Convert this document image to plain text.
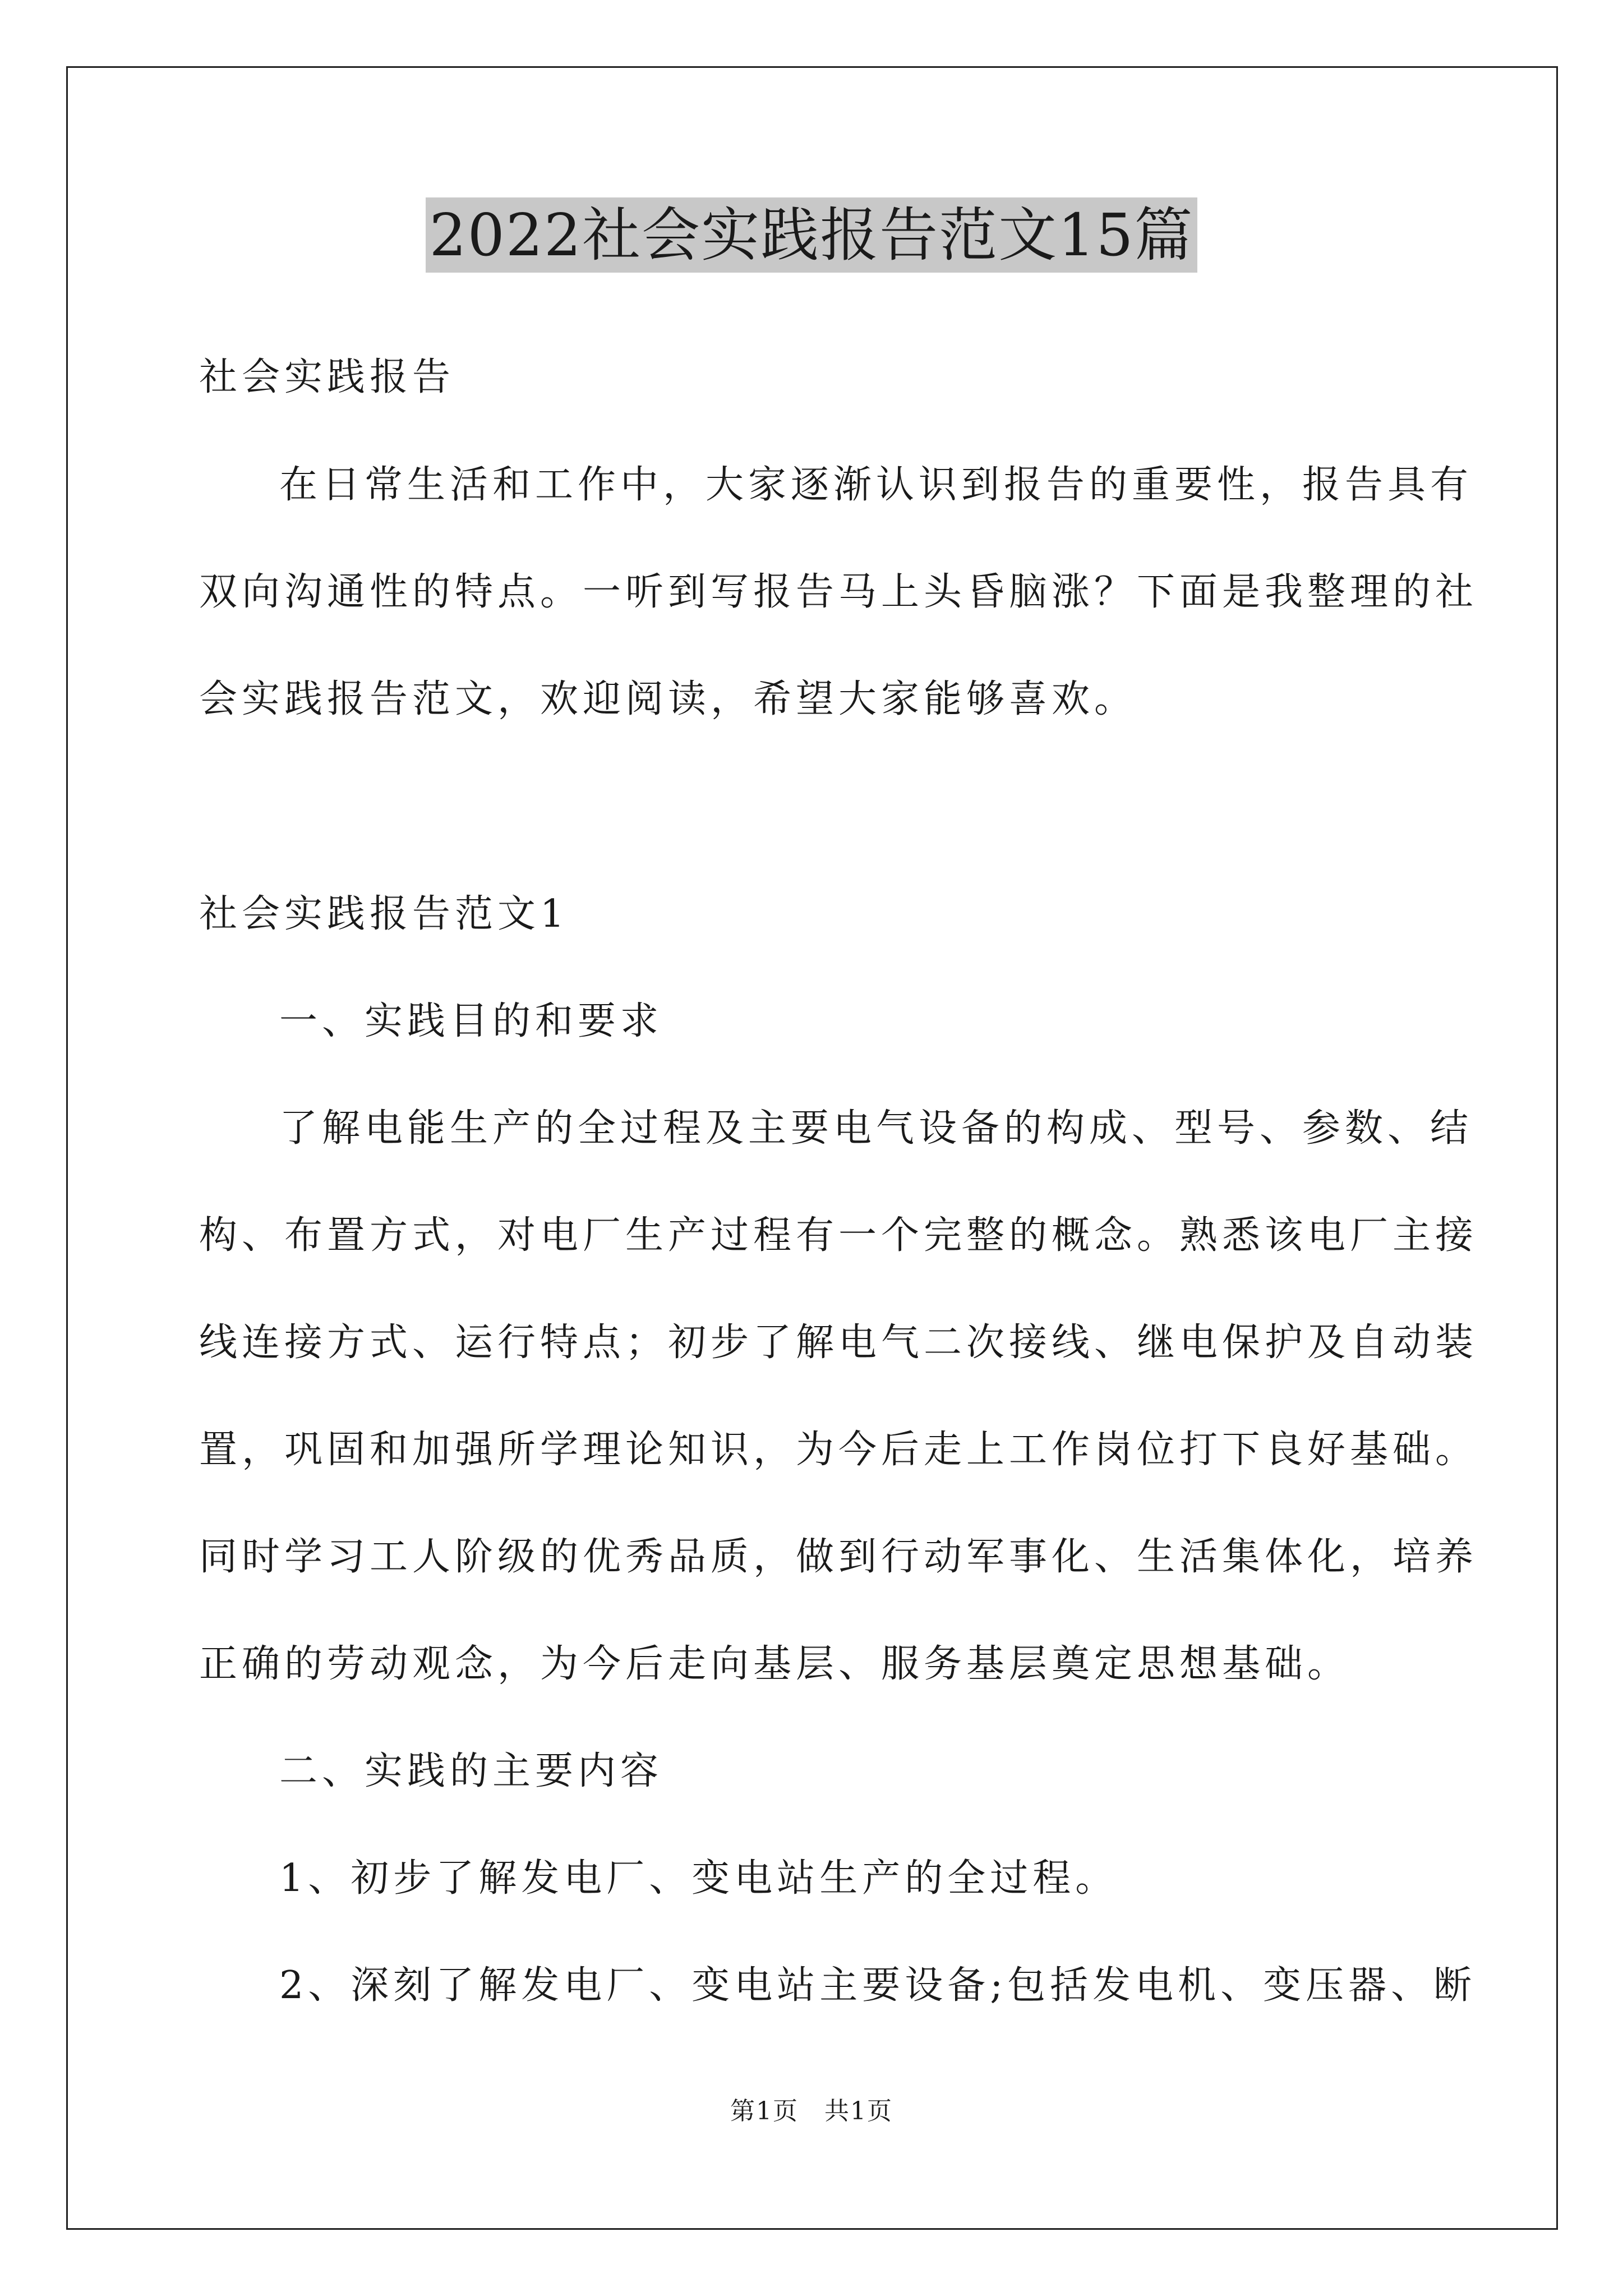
2022社会实践报告范文15篇
社会实践报告
在日常生活和工作中，大家逐渐认识到报告的重要性，报告具有
双向沟通性的特点。一听到写报告马上头昏脑涨？下面是我整理的社
会实践报告范文，欢迎阅读，希望大家能够喜欢。
社会实践报告范文1
一、实践目的和要求
了解电能生产的全过程及主要电气设备的构成、型号、参数、结
构、布置方式，对电厂生产过程有一个完整的概念。熟悉该电厂主接
线连接方式、运行特点；初步了解电气二次接线、继电保护及自动装
置，巩固和加强所学理论知识，为今后走上工作岗位打下良好基础。
同时学习工人阶级的优秀品质，做到行动军事化、生活集体化，培养
正确的劳动观念，为今后走向基层、服务基层奠定思想基础。
二、实践的主要内容
1、初步了解发电厂、变电站生产的全过程。
2、深刻了解发电厂、变电站主要设备;包括发电机、变压器、断
第1页　共1页
